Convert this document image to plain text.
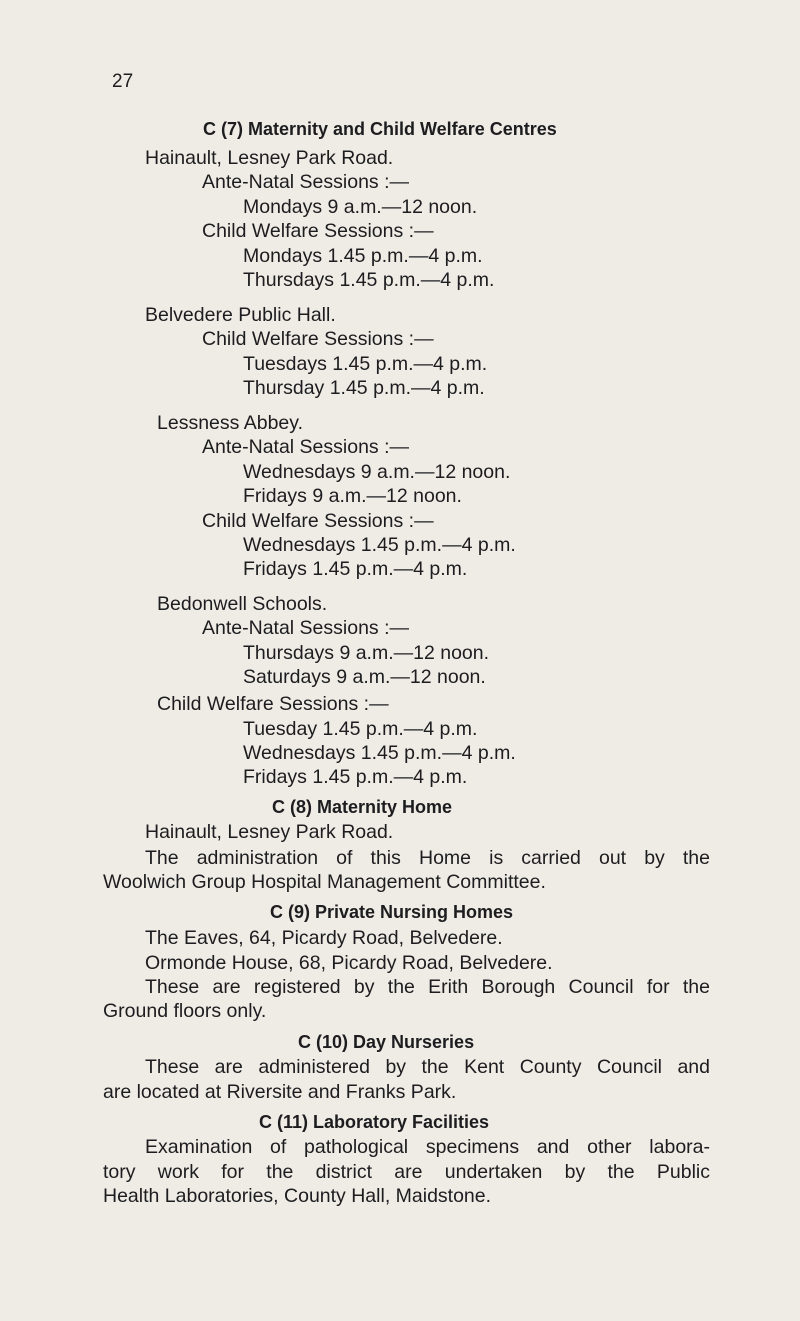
27
C (7) Maternity and Child Welfare Centres
Hainault, Lesney Park Road.
Ante-Natal Sessions :—
Mondays 9 a.m.—12 noon.
Child Welfare Sessions :—
Mondays 1.45 p.m.—4 p.m.
Thursdays 1.45 p.m.—4 p.m.
Belvedere Public Hall.
Child Welfare Sessions :—
Tuesdays 1.45 p.m.—4 p.m.
Thursday 1.45 p.m.—4 p.m.
Lessness Abbey.
Ante-Natal Sessions :—
Wednesdays 9 a.m.—12 noon.
Fridays 9 a.m.—12 noon.
Child Welfare Sessions :—
Wednesdays 1.45 p.m.—4 p.m.
Fridays 1.45 p.m.—4 p.m.
Bedonwell Schools.
Ante-Natal Sessions :—
Thursdays 9 a.m.—12 noon.
Saturdays 9 a.m.—12 noon.
Child Welfare Sessions :—
Tuesday 1.45 p.m.—4 p.m.
Wednesdays 1.45 p.m.—4 p.m.
Fridays 1.45 p.m.—4 p.m.
C (8) Maternity Home
Hainault, Lesney Park Road.
The administration of this Home is carried out by the
Woolwich Group Hospital Management Committee.
C (9) Private Nursing Homes
The Eaves, 64, Picardy Road, Belvedere.
Ormonde House, 68, Picardy Road, Belvedere.
These are registered by the Erith Borough Council for the
Ground floors only.
C (10) Day Nurseries
These are administered by the Kent County Council and
are located at Riversite and Franks Park.
C (11) Laboratory Facilities
Examination of pathological specimens and other labora-
tory work for the district are undertaken by the Public
Health Laboratories, County Hall, Maidstone.
